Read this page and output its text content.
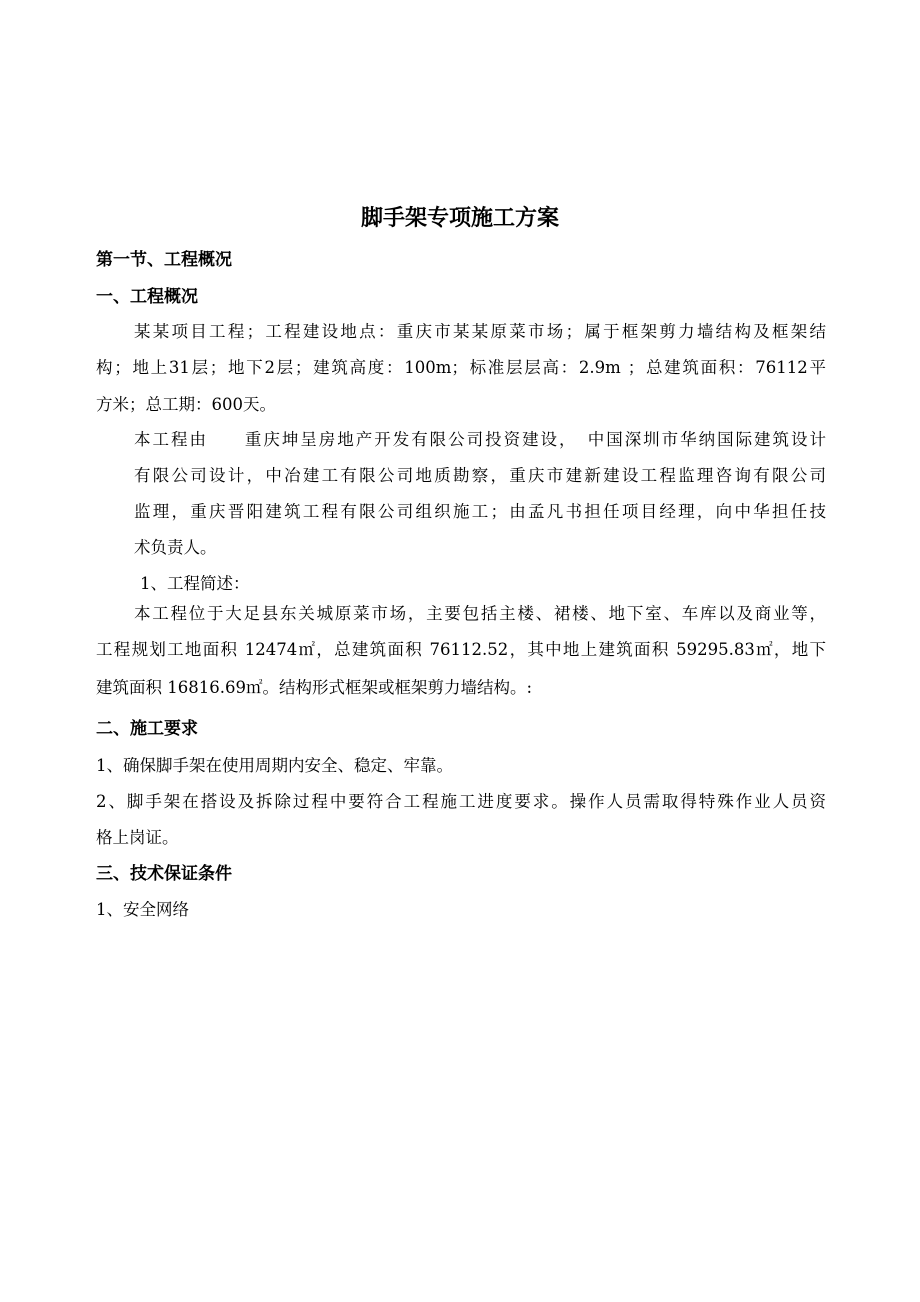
脚手架专项施工方案
第一节、工程概况
一、工程概况
某某项目工程；工程建设地点：重庆市某某原菜市场；属于框架剪力墙结构及框架结
构；地上31层；地下2层；建筑高度：100m；标准层层高：2.9m ；总建筑面积：76112平
方米；总工期：600天。
本工程由　　重庆坤呈房地产开发有限公司投资建设，　中国深圳市华纳国际建筑设计
有限公司设计，中冶建工有限公司地质勘察，重庆市建新建设工程监理咨询有限公司
监理，重庆晋阳建筑工程有限公司组织施工；由孟凡书担任项目经理，向中华担任技
术负责人。
1、工程简述：
本工程位于大足县东关城原菜市场，主要包括主楼、裙楼、地下室、车库以及商业等，
工程规划工地面积 12474㎡，总建筑面积 76112.52，其中地上建筑面积 59295.83㎡，地下
建筑面积 16816.69㎡。结构形式框架或框架剪力墙结构。:
二、施工要求
1、确保脚手架在使用周期内安全、稳定、牢靠。
2、脚手架在搭设及拆除过程中要符合工程施工进度要求。操作人员需取得特殊作业人员资
格上岗证。
三、技术保证条件
1、安全网络
